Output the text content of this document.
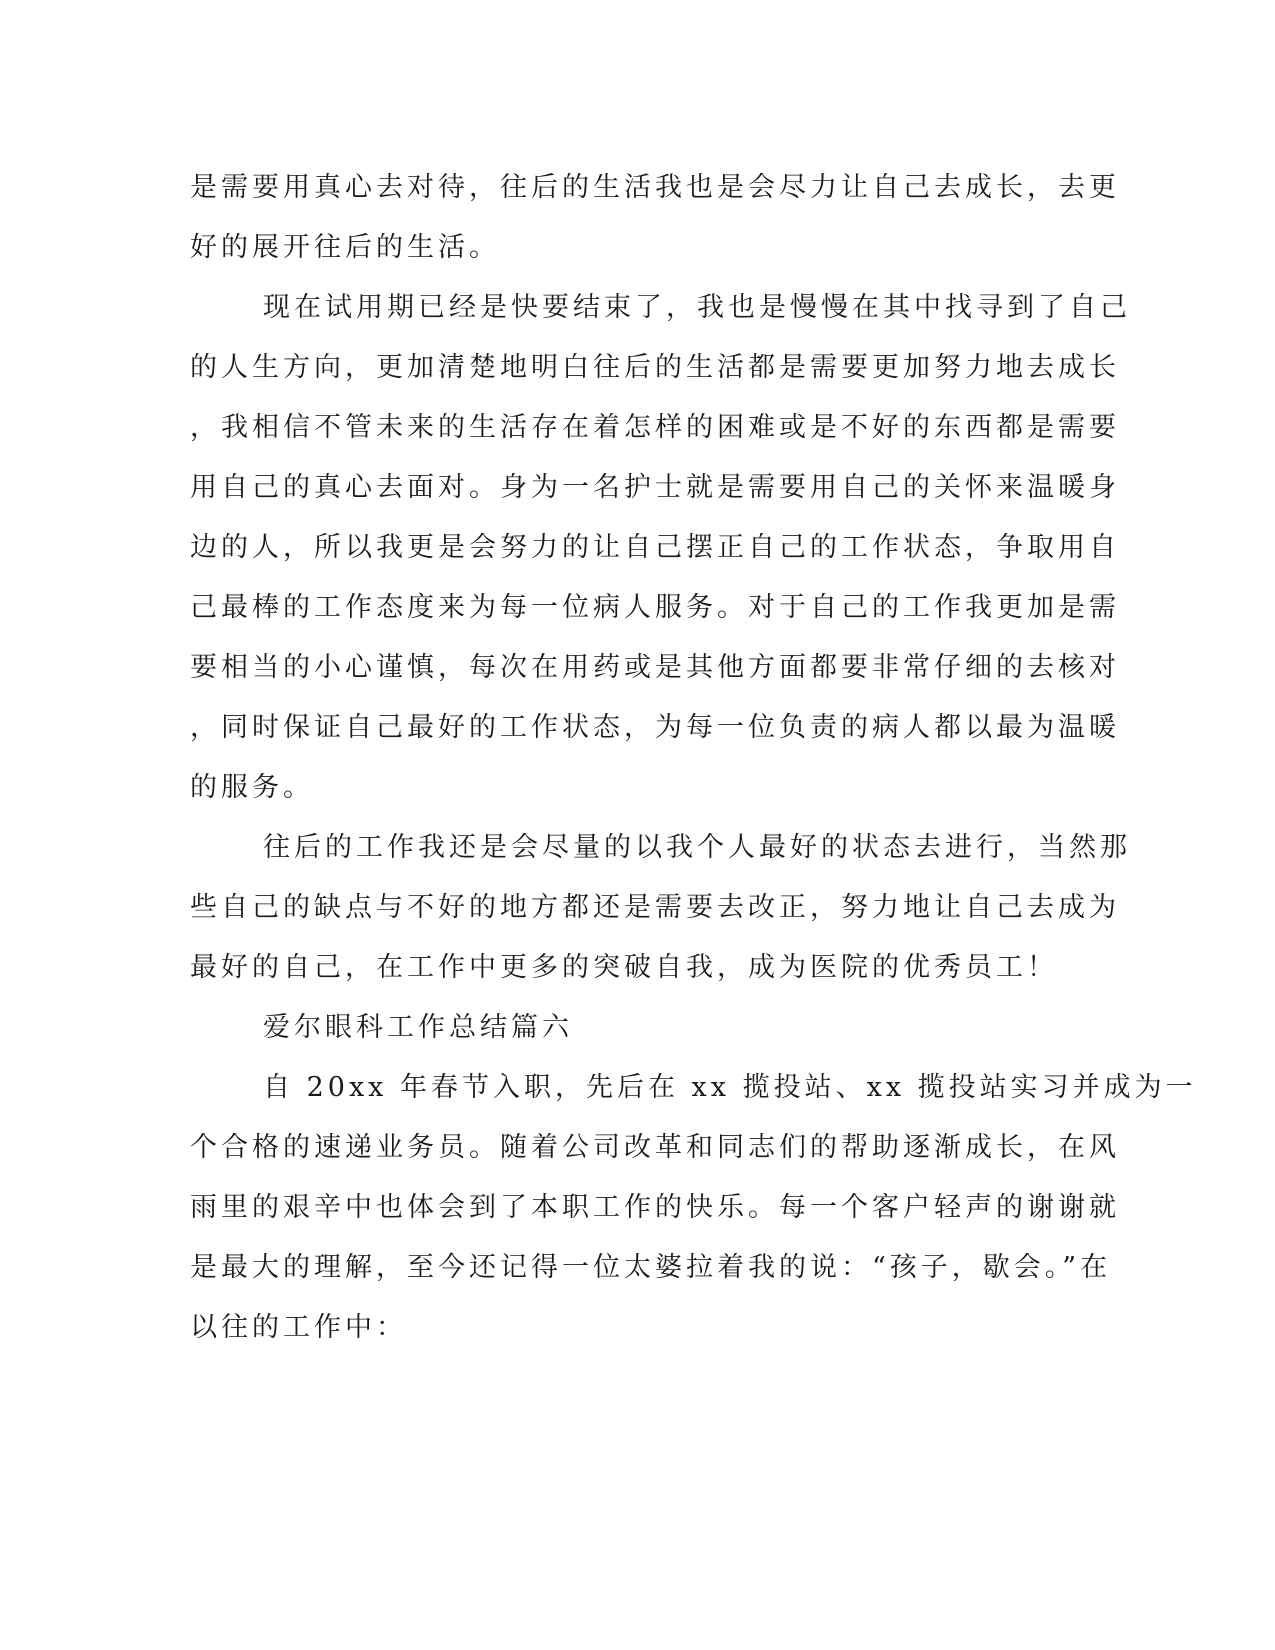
是需要用真心去对待，往后的生活我也是会尽力让自己去成长，去更
好的展开往后的生活。
现在试用期已经是快要结束了，我也是慢慢在其中找寻到了自己
的人生方向，更加清楚地明白往后的生活都是需要更加努力地去成长
，我相信不管未来的生活存在着怎样的困难或是不好的东西都是需要
用自己的真心去面对。身为一名护士就是需要用自己的关怀来温暖身
边的人，所以我更是会努力的让自己摆正自己的工作状态，争取用自
己最棒的工作态度来为每一位病人服务。对于自己的工作我更加是需
要相当的小心谨慎，每次在用药或是其他方面都要非常仔细的去核对
，同时保证自己最好的工作状态，为每一位负责的病人都以最为温暖
的服务。
往后的工作我还是会尽量的以我个人最好的状态去进行，当然那
些自己的缺点与不好的地方都还是需要去改正，努力地让自己去成为
最好的自己，在工作中更多的突破自我，成为医院的优秀员工！
爱尔眼科工作总结篇六
自 20xx 年春节入职，先后在 xx 揽投站、xx 揽投站实习并成为一
个合格的速递业务员。随着公司改革和同志们的帮助逐渐成长，在风
雨里的艰辛中也体会到了本职工作的快乐。每一个客户轻声的谢谢就
是最大的理解，至今还记得一位太婆拉着我的说：“孩子，歇会。”在
以往的工作中：
